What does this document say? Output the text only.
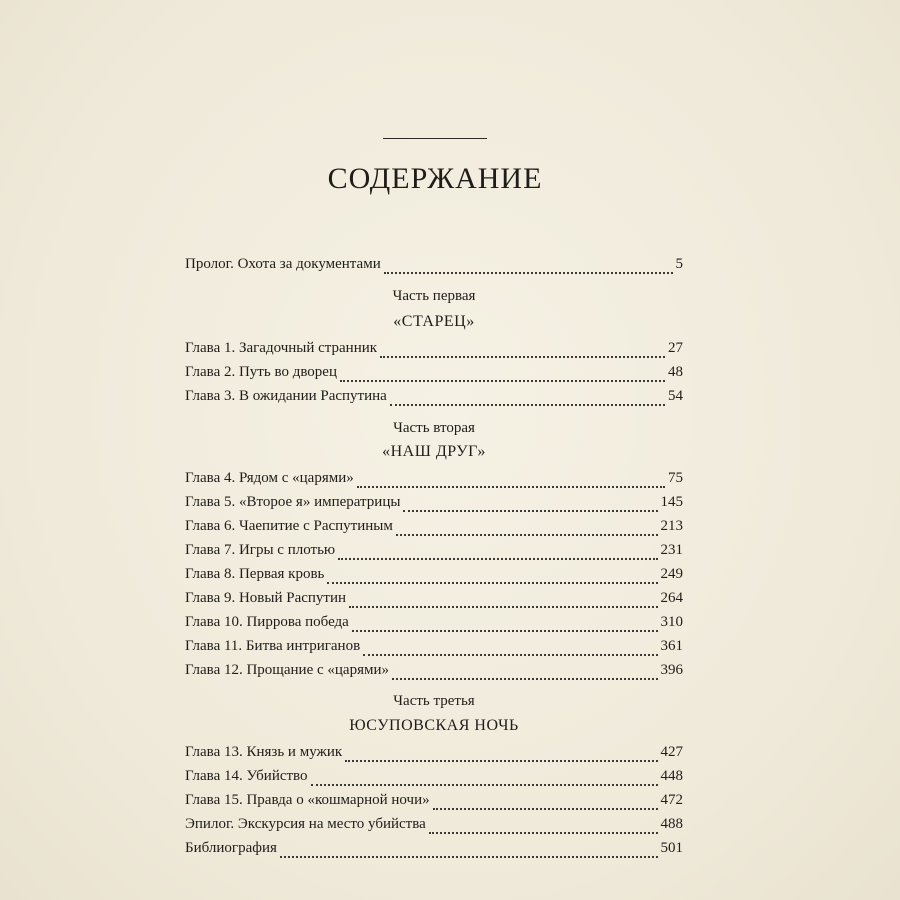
СОДЕРЖАНИЕ
Пролог. Охота за документами	5
Часть первая
«СТАРЕЦ»
Глава 1. Загадочный странник	27
Глава 2. Путь во дворец	48
Глава 3. В ожидании Распутина	54
Часть вторая
«НАШ ДРУГ»
Глава 4. Рядом с «царями»	75
Глава 5. «Второе я» императрицы	145
Глава 6. Чаепитие с Распутиным	213
Глава 7. Игры с плотью	231
Глава 8. Первая кровь	249
Глава 9. Новый Распутин	264
Глава 10. Пиррова победа	310
Глава 11. Битва интриганов	361
Глава 12. Прощание с «царями»	396
Часть третья
ЮСУПОВСКАЯ НОЧЬ
Глава 13. Князь и мужик	427
Глава 14. Убийство	448
Глава 15. Правда о «кошмарной ночи»	472
Эпилог. Экскурсия на место убийства	488
Библиография	501
